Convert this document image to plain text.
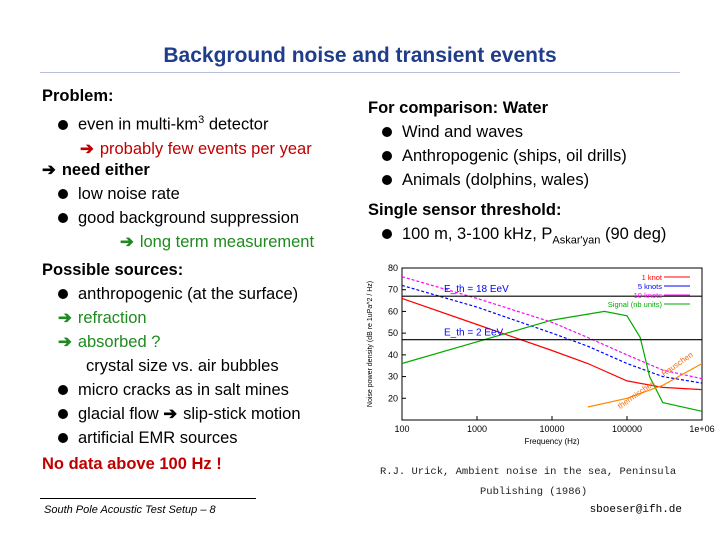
Background noise and transient events
Problem:
even in multi-$km^3$ detector
➔ probably few events per year
➔ need either
low noise rate
good background suppression
➔ long term measurement
Possible sources:
anthropogenic (at the surface)
➔ refraction
➔ absorbed ?
crystal size vs. air bubbles
micro cracks as in salt mines
glacial flow ➔ slip-stick motion
artificial EMR sources
No data above 100 Hz !
For comparison: Water
Wind and waves
Anthropogenic (ships, oil drills)
Animals (dolphins, wales)
Single sensor threshold:
100 m, 3-100 kHz, $P_{Askar'yan}$ (90 deg)
80
70
60
50
40
30
20
100	1000	10000	100000	1e+06
Noise power density (dB re 1uPa^2 / Hz)
Frequency (Hz)
1 knot
5 knots
10 knots
Signal (nb units)
E_th = 18 EeV
E_th = 2 EeV
Rauschen
thermisches
R.J. Urick, Ambient noise in the sea, Peninsula
Publishing (1986)
South Pole Acoustic Test Setup – 8	sboeser@ifh.de
